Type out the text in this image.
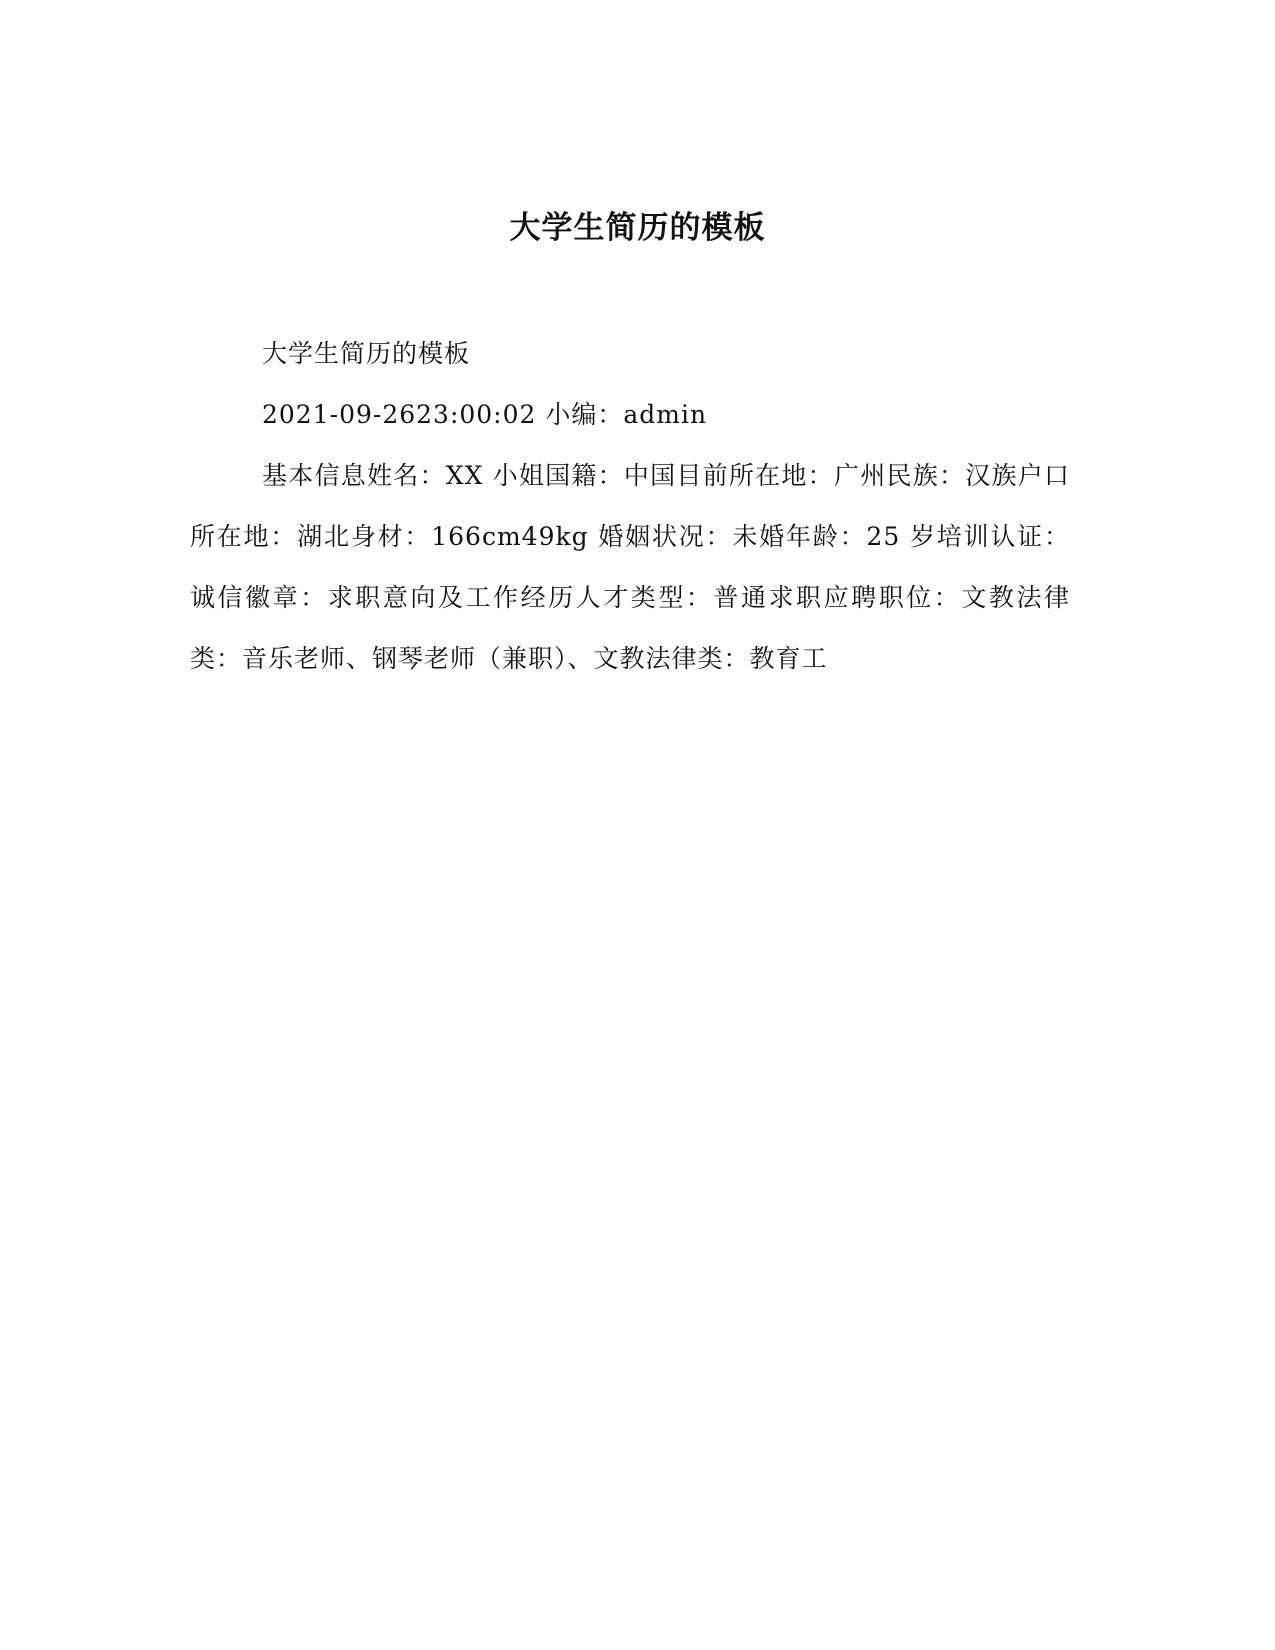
大学生简历的模板
大学生简历的模板
2021-09-2623:00:02 小编：admin
基本信息姓名：XX 小姐国籍：中国目前所在地：广州民族：汉族户口所在地：湖北身材：166cm49kg 婚姻状况：未婚年龄：25 岁培训认证：诚信徽章：求职意向及工作经历人才类型：普通求职应聘职位：文教法律类：音乐老师、钢琴老师（兼职）、文教法律类：教育工
